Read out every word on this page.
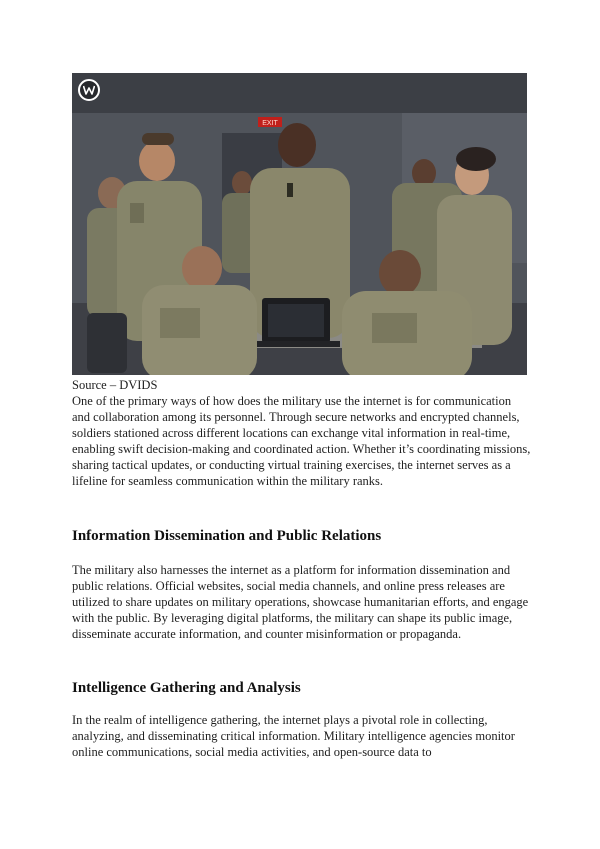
EXIT
Source – DVIDS
One of the primary ways of how does the military use the internet is for communication and collaboration among its personnel. Through secure networks and encrypted channels, soldiers stationed across different locations can exchange vital information in real-time, enabling swift decision-making and coordinated action. Whether it’s coordinating missions, sharing tactical updates, or conducting virtual training exercises, the internet serves as a lifeline for seamless communication within the military ranks.
Information Dissemination and Public Relations
The military also harnesses the internet as a platform for information dissemination and public relations. Official websites, social media channels, and online press releases are utilized to share updates on military operations, showcase humanitarian efforts, and engage with the public. By leveraging digital platforms, the military can shape its public image, disseminate accurate information, and counter misinformation or propaganda.
Intelligence Gathering and Analysis
In the realm of intelligence gathering, the internet plays a pivotal role in collecting, analyzing, and disseminating critical information. Military intelligence agencies monitor online communications, social media activities, and open-source data to
